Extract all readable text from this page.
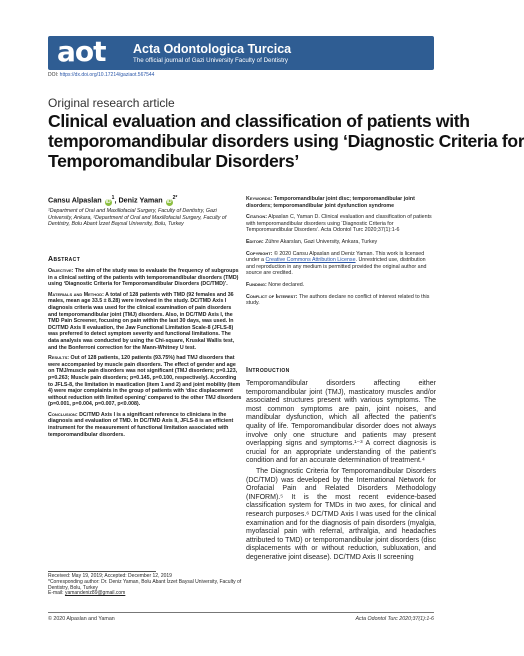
aot Acta Odontologica Turcica
The official journal of Gazi University Faculty of Dentistry
DOI: https://dx.doi.org/10.17214/gaziaot.567544
Original research article
Clinical evaluation and classification of patients with
temporomandibular disorders using ‘Diagnostic Criteria for
Temporomandibular Disorders’
Cansu Alpaslan $iD^1$, Deniz Yaman $iD^{2*}$
¹Department of Oral and Maxillofacial Surgery, Faculty of Dentistry, Gazi University, Ankara, ²Department of Oral and Maxillofacial Surgery, Faculty of Dentistry, Bolu Abant İzzet Baysal University, Bolu, Turkey
Abstract

Objective: The aim of the study was to evaluate the frequency of subgroups in a clinical setting of the patients with temporomandibular disorders (TMD) using ‘Diagnostic Criteria for Temporomandibular Disorders (DC/TMD)’.

Materials and Method: A total of 128 patients with TMD (92 females and 36 males, mean age 33.5 ± 8.28) were involved in the study. DC/TMD Axis I diagnosis criteria was used for the clinical examination of pain disorders and temporomandibular joint (TMJ) disorders. Also, in DC/TMD Axis I, the TMD Pain Screener, focusing on pain within the last 30 days, was used. In DC/TMD Axis II evaluation, the Jaw Functional Limitation Scale-8 (JFLS-8) was preferred to detect symptom severity and functional limitations. The data analysis was conducted by using the Chi-square, Kruskal Wallis test, and the Bonferroni correction for the Mann-Whitney U test.

Results: Out of 128 patients, 120 patients (93.75%) had TMJ disorders that were accompanied by muscle pain disorders. The effect of gender and age on TMJ/muscle pain disorders was not significant (TMJ disorders; p=0.123, p=0.263; Muscle pain disorders; p=0.145, p=0.100, respectively). According to JFLS-8, the limitation in mastication (item 1 and 2) and joint mobility (item 4) were major complaints in the group of patients with ‘disc displacement without reduction with limited opening’ compared to the other TMJ disorders (p=0.001, p=0.004, p=0.007, p<0.008).

Conclusion: DC/TMD Axis I is a significant reference to clinicians in the diagnosis and evaluation of TMD. In DC/TMD Axis II, JFLS-8 is an efficient instrument for the measurement of functional limitation associated with temporomandibular disorders.

Received: May 19, 2019; Accepted: December 12, 2019
*Corresponding author: Dr. Deniz Yaman, Bolu Abant İzzet Baysal University, Faculty of Dentistry, Bolu, Turkey
E-mail: yamandeniz89@gmail.com

Keywords: Temporomandibular joint disc; temporomandibular joint disorders; temporomandibular joint dysfunction syndrome

Citation: Alpaslan C, Yaman D. Clinical evaluation and classification of patients with temporomandibular disorders using ‘Diagnostic Criteria for Temporomandibular Disorders’. Acta Odontol Turc 2020;37(1):1-6

Editor: Zühre Akarslan, Gazi University, Ankara, Turkey

Copyright: © 2020 Cansu Alpaslan and Deniz Yaman. This work is licensed under a Creative Commons Attribution License. Unrestricted use, distribution and reproduction in any medium is permitted provided the original author and source are credited.

Funding: None declared.

Conflict of Interest: The authors declare no conflict of interest related to this study.

Introduction

Temporomandibular disorders affecting either temporomandibular joint (TMJ), masticatory muscles and/or associated structures present with various symptoms. The most common symptoms are pain, joint noises, and mandibular dysfunction, which all affected the patient’s quality of life. Temporomandibular disorder does not always involve only one structure and patients may present overlapping signs and symptoms.¹⁻³ A correct diagnosis is crucial for an appropriate understanding of the patient’s condition and for an accurate determination of treatment.⁴

The Diagnostic Criteria for Temporomandibular Disorders (DC/TMD) was developed by the International Network for Orofacial Pain and Related Disorders Methodology (INFORM).⁵ It is the most recent evidence-based classification system for TMDs in two axes, for clinical and research purposes.⁶ DC/TMD Axis I was used for the clinical examination and for the diagnosis of pain disorders (myalgia, myofascial pain with referral, arthralgia, and headaches attributed to TMD) or temporomandibular joint disorders (disc displacements with or without reduction, subluxation, and degenerative joint disease). DC/TMD Axis II screening

© 2020 Alpaslan and Yaman	Acta Odontol Turc 2020;37(1):1-6
